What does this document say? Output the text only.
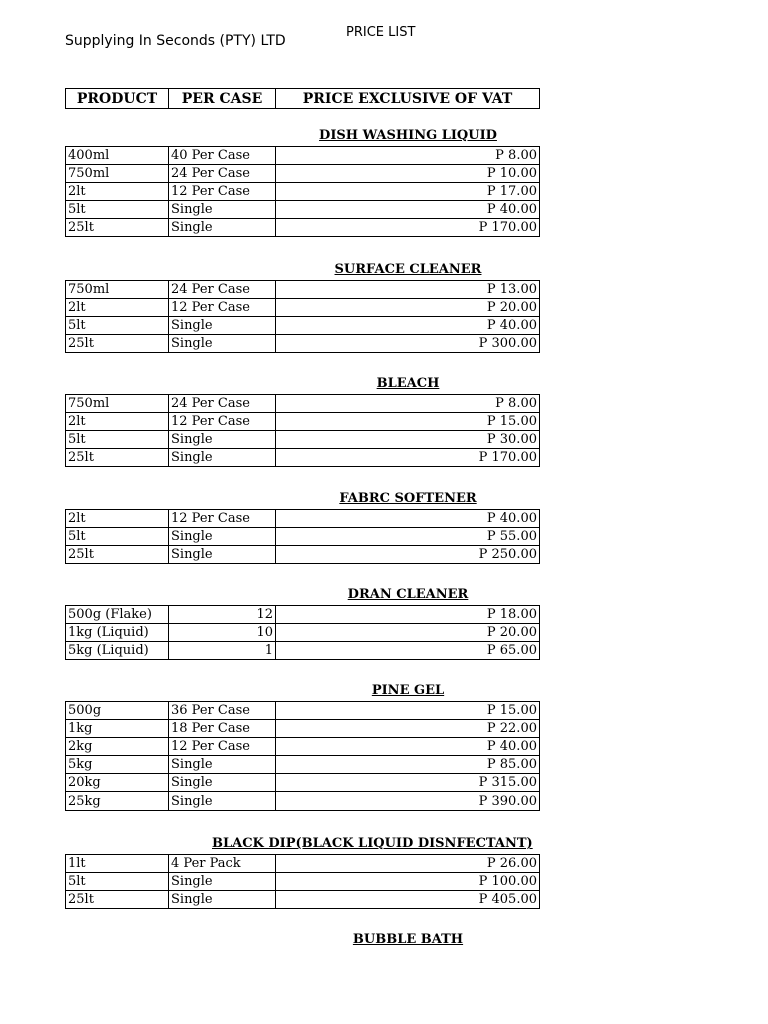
Supplying In Seconds (PTY) LTD
PRICE LIST
PRODUCT	PER CASE	PRICE EXCLUSIVE OF VAT
DISH WASHING LIQUID
400ml	40 Per Case	P 8.00
750ml	24 Per Case	P 10.00
2lt	12 Per Case	P 17.00
5lt	Single	P 40.00
25lt	Single	P 170.00
SURFACE CLEANER
750ml	24 Per Case	P 13.00
2lt	12 Per Case	P 20.00
5lt	Single	P 40.00
25lt	Single	P 300.00
BLEACH
750ml	24 Per Case	P 8.00
2lt	12 Per Case	P 15.00
5lt	Single	P 30.00
25lt	Single	P 170.00
FABRC SOFTENER
2lt	12 Per Case	P 40.00
5lt	Single	P 55.00
25lt	Single	P 250.00
DRAN CLEANER
500g (Flake)	12	P 18.00
1kg (Liquid)	10	P 20.00
5kg (Liquid)	1	P 65.00
PINE GEL
500g	36 Per Case	P 15.00
1kg	18 Per Case	P 22.00
2kg	12 Per Case	P 40.00
5kg	Single	P 85.00
20kg	Single	P 315.00
25kg	Single	P 390.00
BLACK DIP(BLACK LIQUID DISNFECTANT)
1lt	4 Per Pack	P 26.00
5lt	Single	P 100.00
25lt	Single	P 405.00
BUBBLE BATH
